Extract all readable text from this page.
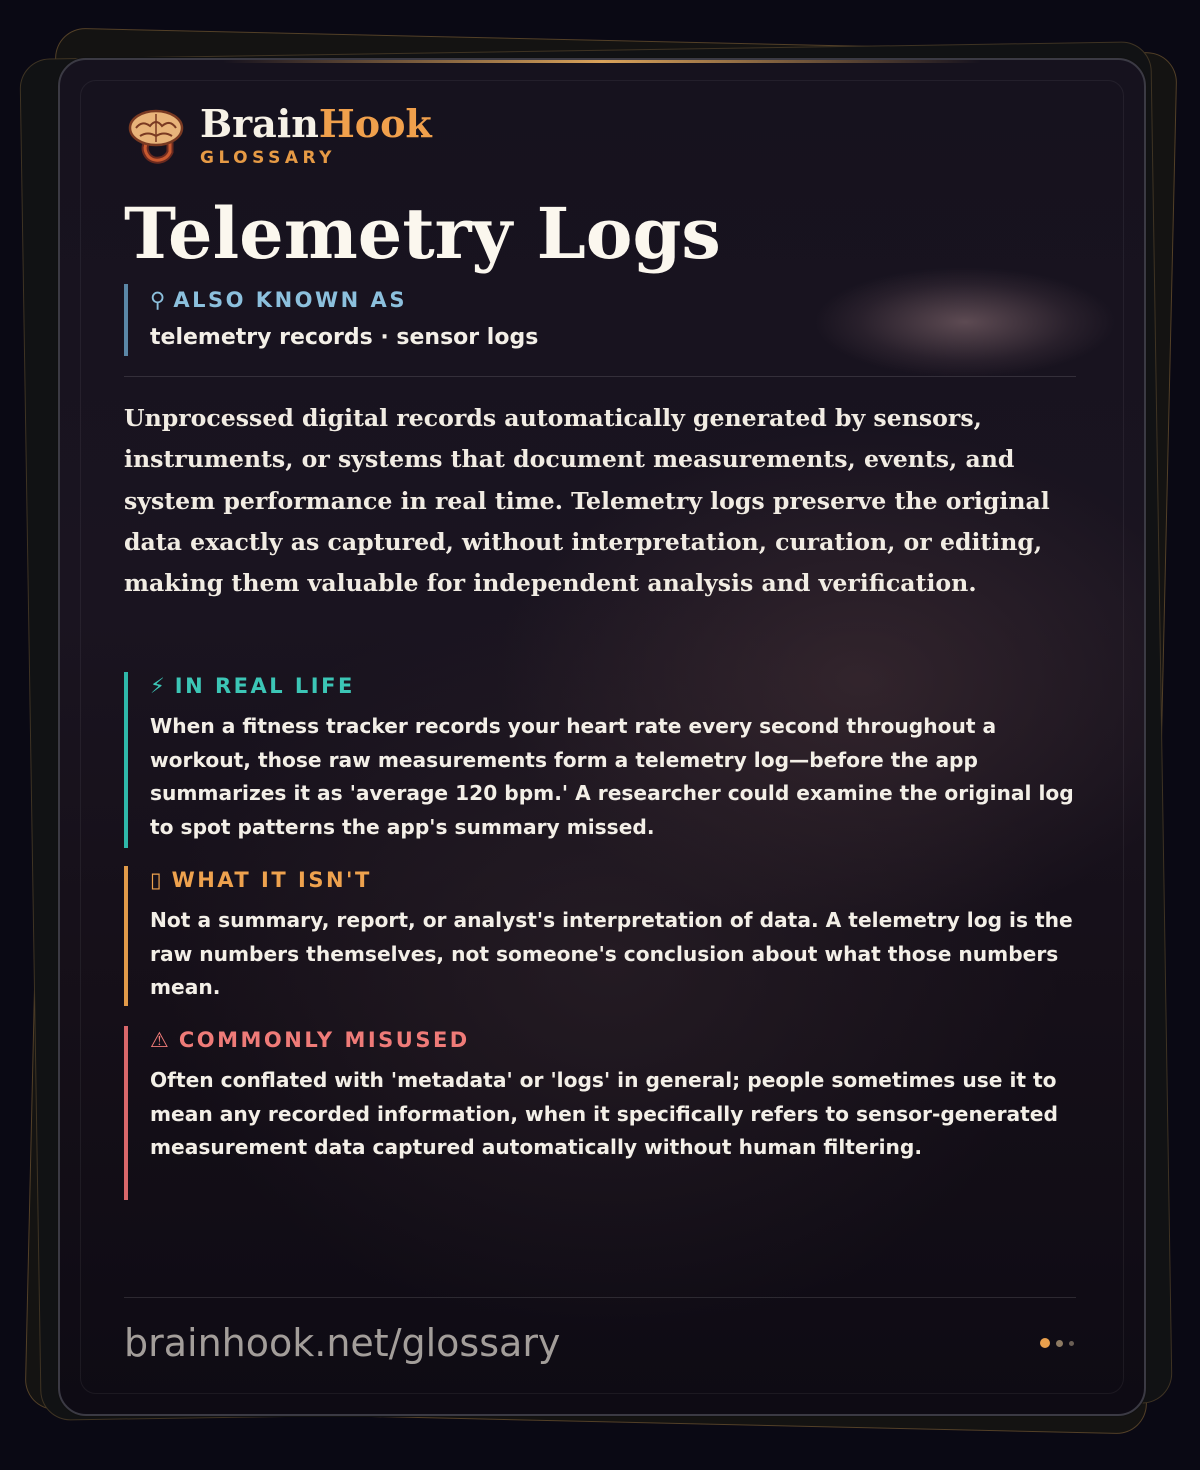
BrainHook
GLOSSARY
Telemetry Logs
⚲ ALSO KNOWN AS
telemetry records · sensor logs

Unprocessed digital records automatically generated by sensors, instruments, or systems that document measurements, events, and system performance in real time. Telemetry logs preserve the original data exactly as captured, without interpretation, curation, or editing, making them valuable for independent analysis and verification.

⚡ IN REAL LIFE
When a fitness tracker records your heart rate every second throughout a workout, those raw measurements form a telemetry log—before the app summarizes it as 'average 120 bpm.' A researcher could examine the original log to spot patterns the app's summary missed.
▯ WHAT IT ISN'T
Not a summary, report, or analyst's interpretation of data. A telemetry log is the raw numbers themselves, not someone's conclusion about what those numbers mean.
⚠ COMMONLY MISUSED
Often conflated with 'metadata' or 'logs' in general; people sometimes use it to mean any recorded information, when it specifically refers to sensor-generated measurement data captured automatically without human filtering.
brainhook.net/glossary
